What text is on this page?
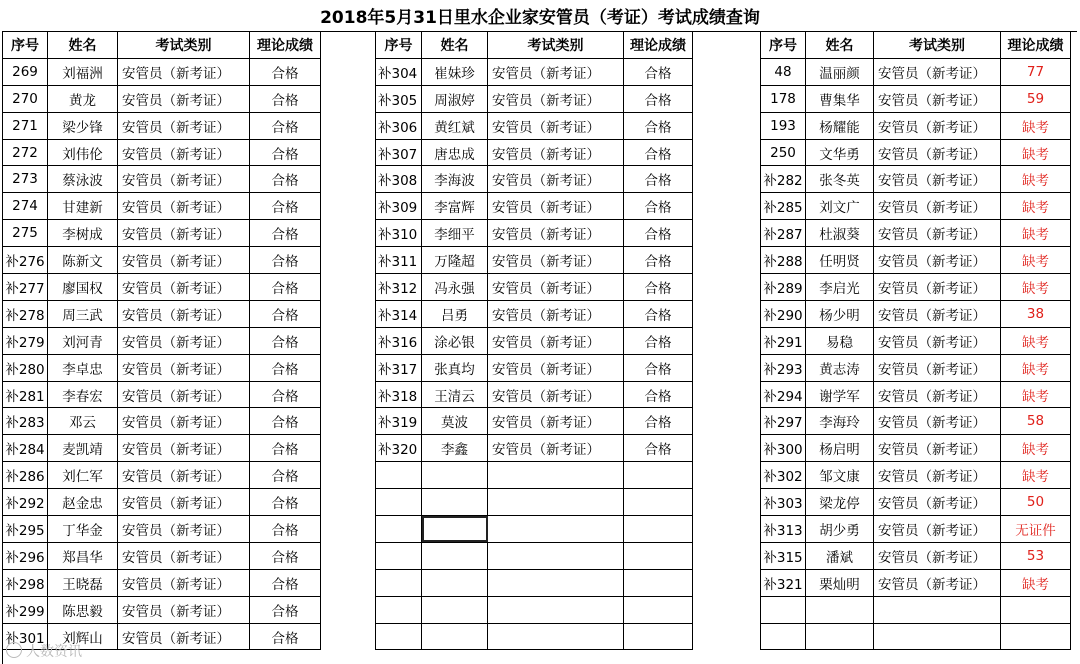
2018年5月31日里水企业家安管员（考证）考试成绩查询
序号	姓名	考试类别	理论成绩
269	刘福洲	安管员（新考证）	合格
270	黄龙	安管员（新考证）	合格
271	梁少锋	安管员（新考证）	合格
272	刘伟伦	安管员（新考证）	合格
273	蔡泳波	安管员（新考证）	合格
274	甘建新	安管员（新考证）	合格
275	李树成	安管员（新考证）	合格
补276	陈新文	安管员（新考证）	合格
补277	廖国权	安管员（新考证）	合格
补278	周三武	安管员（新考证）	合格
补279	刘河青	安管员（新考证）	合格
补280	李卓忠	安管员（新考证）	合格
补281	李春宏	安管员（新考证）	合格
补283	邓云	安管员（新考证）	合格
补284	麦凯靖	安管员（新考证）	合格
补286	刘仁军	安管员（新考证）	合格
补292	赵金忠	安管员（新考证）	合格
补295	丁华金	安管员（新考证）	合格
补296	郑昌华	安管员（新考证）	合格
补298	王晓磊	安管员（新考证）	合格
补299	陈思毅	安管员（新考证）	合格
补301	刘辉山	安管员（新考证）	合格
序号	姓名	考试类别	理论成绩
补304	崔妹珍	安管员（新考证）	合格
补305	周淑婷	安管员（新考证）	合格
补306	黄红斌	安管员（新考证）	合格
补307	唐忠成	安管员（新考证）	合格
补308	李海波	安管员（新考证）	合格
补309	李富辉	安管员（新考证）	合格
补310	李细平	安管员（新考证）	合格
补311	万隆超	安管员（新考证）	合格
补312	冯永强	安管员（新考证）	合格
补314	吕勇	安管员（新考证）	合格
补316	涂必银	安管员（新考证）	合格
补317	张真均	安管员（新考证）	合格
补318	王清云	安管员（新考证）	合格
补319	莫波	安管员（新考证）	合格
补320	李鑫	安管员（新考证）	合格

序号	姓名	考试类别	理论成绩
48	温丽颜	安管员（新考证）	77
178	曹集华	安管员（新考证）	59
193	杨耀能	安管员（新考证）	缺考
250	文华勇	安管员（新考证）	缺考
补282	张冬英	安管员（新考证）	缺考
补285	刘文广	安管员（新考证）	缺考
补287	杜淑葵	安管员（新考证）	缺考
补288	任明贤	安管员（新考证）	缺考
补289	李启光	安管员（新考证）	缺考
补290	杨少明	安管员（新考证）	38
补291	易稳	安管员（新考证）	缺考
补293	黄志涛	安管员（新考证）	缺考
补294	谢学军	安管员（新考证）	缺考
补297	李海玲	安管员（新考证）	58
补300	杨启明	安管员（新考证）	缺考
补302	邹文康	安管员（新考证）	缺考
补303	梁龙停	安管员（新考证）	50
补313	胡少勇	安管员（新考证）	无证件
补315	潘斌	安管员（新考证）	53
补321	栗灿明	安管员（新考证）	缺考

人数资讯
